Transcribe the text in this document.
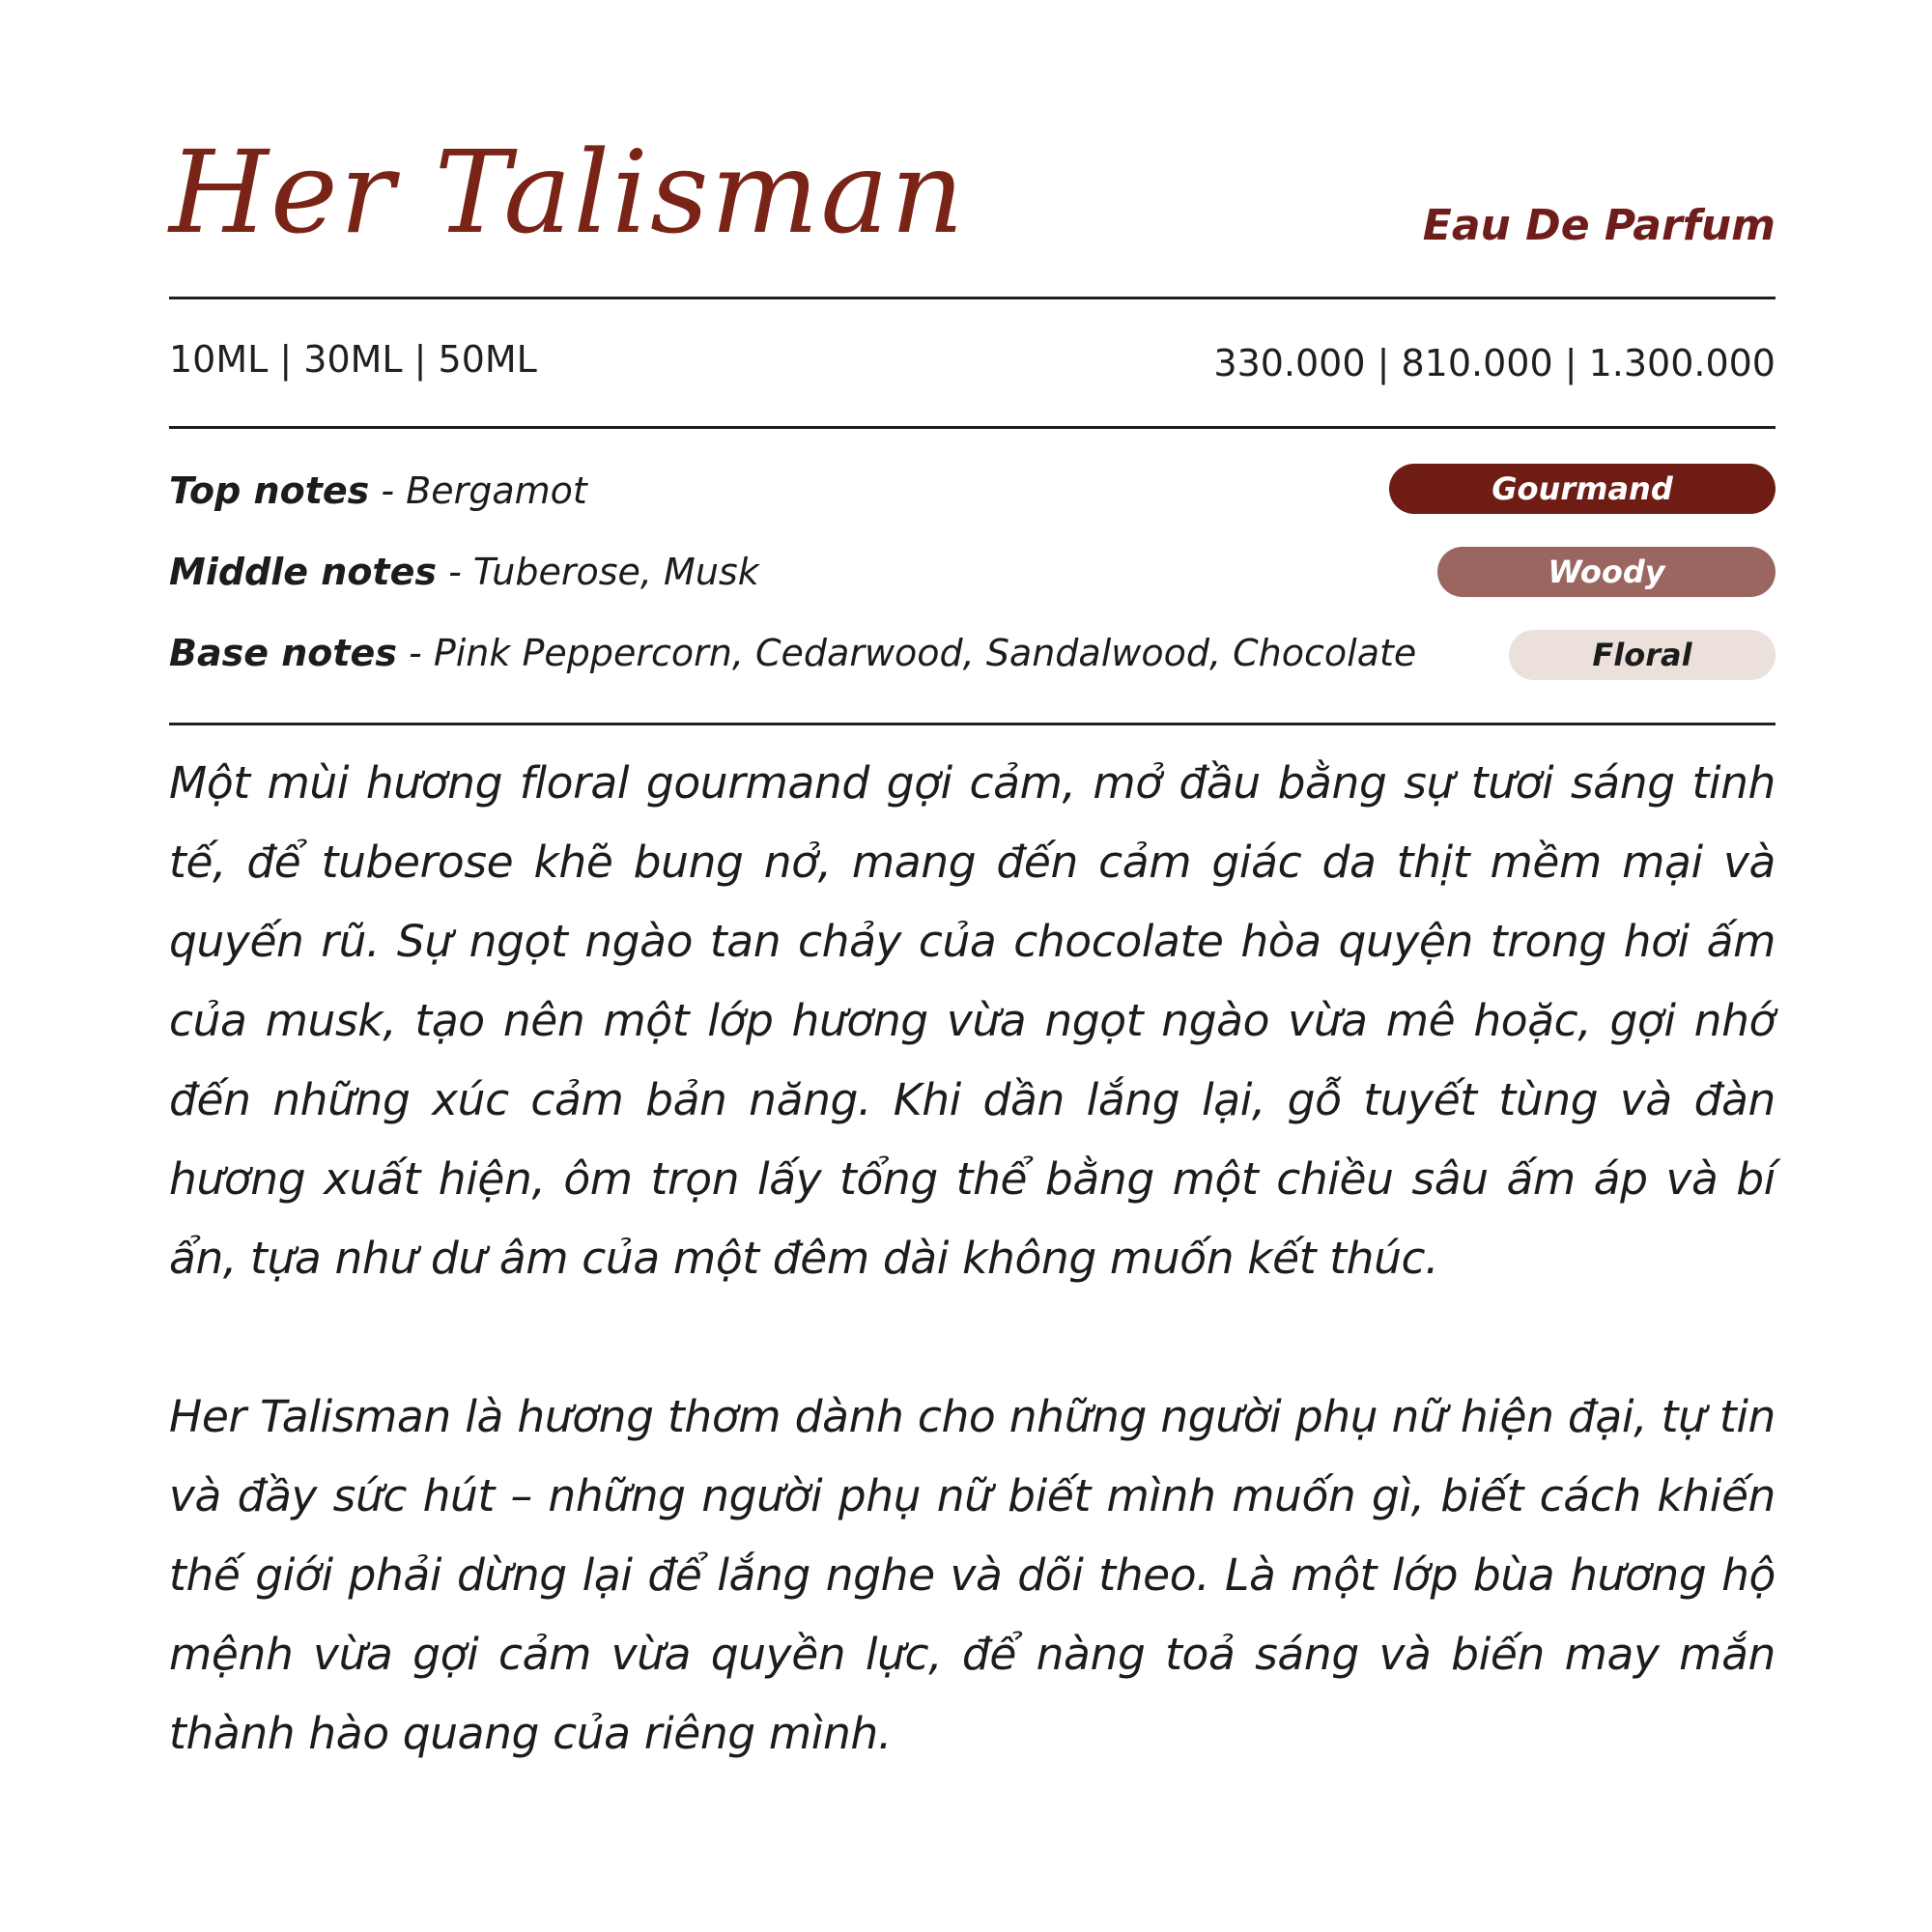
Her Talisman	Eau De Parfum
10ML | 30ML | 50ML	330.000 | 810.000 | 1.300.000
Top notes - Bergamot
Middle notes - Tuberose, Musk
Base notes - Pink Peppercorn, Cedarwood, Sandalwood, Chocolate
Gourmand
Woody
Floral

Một mùi hương floral gourmand gợi cảm, mở đầu bằng sự tươi sáng tinh tế, để tuberose khẽ bung nở, mang đến cảm giác da thịt mềm mại và quyến rũ. Sự ngọt ngào tan chảy của chocolate hòa quyện trong hơi ấm của musk, tạo nên một lớp hương vừa ngọt ngào vừa mê hoặc, gợi nhớ đến những xúc cảm bản năng. Khi dần lắng lại, gỗ tuyết tùng và đàn hương xuất hiện, ôm trọn lấy tổng thể bằng một chiều sâu ấm áp và bí ẩn, tựa như dư âm của một đêm dài không muốn kết thúc.

Her Talisman là hương thơm dành cho những người phụ nữ hiện đại, tự tin và đầy sức hút – những người phụ nữ biết mình muốn gì, biết cách khiến thế giới phải dừng lại để lắng nghe và dõi theo. Là một lớp bùa hương hộ mệnh vừa gợi cảm vừa quyền lực, để nàng toả sáng và biến may mắn thành hào quang của riêng mình.
